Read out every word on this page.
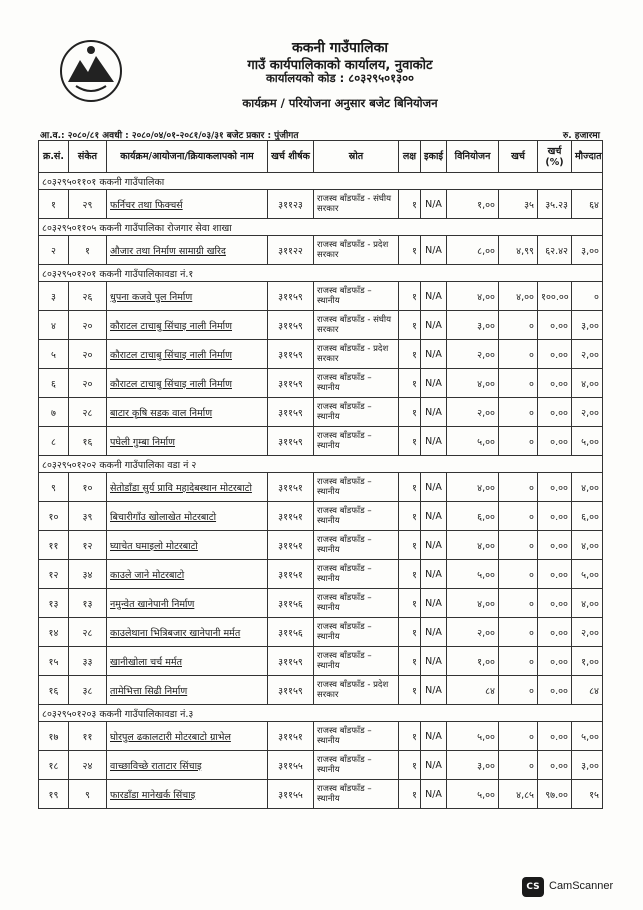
ककनी गाउँपालिका
गाउँ कार्यपालिकाको कार्यालय, नुवाकोट
कार्यालयको कोड : ८०३२९५०१३००
कार्यक्रम / परियोजना अनुसार बजेट बिनियोजन
आ.व.: २०८०/८१ अवधी : २०८०/०४/०१-२०८१/०३/३१ बजेट प्रकार : पुंजीगत	रु. हजारमा
क्र.सं.	संकेत	कार्यक्रम/आयोजना/क्रियाकलापको नाम	खर्च शीर्षक	स्रोत	लक्ष	इकाई	विनियोजन	खर्च	खर्च (%)	मौज्दात
८०३२९५०११०१ ककनी गाउँपालिका										
१	२९	फर्निचर तथा फिक्चर्स	३११२३	राजस्व बाँडफाँड - संघीय सरकार	१	N/A	१,००	३५	३५.२३	६४
८०३२९५०११०५ ककनी गाउँपालिका रोजगार सेवा शाखा										
२	१	औजार तथा निर्माण सामाग्री खरिद	३११२२	राजस्व बाँडफाँड - प्रदेश सरकार	१	N/A	८,००	४,९९	६२.४२	३,००
८०३२९५०१२०१ ककनी गाउँपालिकावडा नं.१										
३	२६	धुपना कजवे पुल निर्माण	३११५९	राजस्व बाँडफाँड – स्थानीय	१	N/A	४,००	४,००	१००.००	०
४	२०	कौराटल टाचाबु सिंचाइ नाली निर्माण	३११५९	राजस्व बाँडफाँड - संघीय सरकार	१	N/A	३,००	०	०.००	३,००
५	२०	कौराटल टाचाबु सिंचाइ नाली निर्माण	३११५९	राजस्व बाँडफाँड - प्रदेश सरकार	१	N/A	२,००	०	०.००	२,००
६	२०	कौराटल टाचाबु सिंचाइ नाली निर्माण	३११५९	राजस्व बाँडफाँड – स्थानीय	१	N/A	४,००	०	०.००	४,००
७	२८	बाटार कृषि सडक वाल निर्माण	३११५९	राजस्व बाँडफाँड – स्थानीय	१	N/A	२,००	०	०.००	२,००
८	१६	पघेली गुम्बा निर्माण	३११५९	राजस्व बाँडफाँड – स्थानीय	१	N/A	५,००	०	०.००	५,००
८०३२९५०१२०२ ककनी गाउँपालिका वडा नं २										
९	१०	सेतोडाँडा सुर्य प्रावि महादेबस्थान मोटरबाटो	३११५१	राजस्व बाँडफाँड – स्थानीय	१	N/A	४,००	०	०.००	४,००
१०	३९	बिचारीगाँउ खोलाखेत मोटरबाटो	३११५१	राजस्व बाँडफाँड – स्थानीय	१	N/A	६,००	०	०.००	६,००
११	१२	घ्याचेत घमाइलो मोटरबाटो	३११५१	राजस्व बाँडफाँड – स्थानीय	१	N/A	४,००	०	०.००	४,००
१२	३४	काउले जाने मोटरबाटो	३११५१	राजस्व बाँडफाँड – स्थानीय	१	N/A	५,००	०	०.००	५,००
१३	१३	नमुन्वेत खानेपानी निर्माण	३११५६	राजस्व बाँडफाँड – स्थानीय	१	N/A	४,००	०	०.००	४,००
१४	२८	काउलेथाना भित्रिबजार खानेपानी मर्मत	३११५६	राजस्व बाँडफाँड – स्थानीय	१	N/A	२,००	०	०.००	२,००
१५	३३	खानीखोला चर्च मर्मत	३११५९	राजस्व बाँडफाँड – स्थानीय	१	N/A	१,००	०	०.००	१,००
१६	३८	तामेभित्ता सिढी निर्माण	३११५९	राजस्व बाँडफाँड - प्रदेश सरकार	१	N/A	८४	०	०.००	८४
८०३२९५०१२०३ ककनी गाउँपालिकावडा नं.३										
१७	११	घोरपुल ढकालटारी मोटरबाटो ग्राभेल	३११५१	राजस्व बाँडफाँड – स्थानीय	१	N/A	५,००	०	०.००	५,००
१८	२४	वाच्छाविच्छे राताटार सिंचाइ	३११५५	राजस्व बाँडफाँड – स्थानीय	१	N/A	३,००	०	०.००	३,००
१९	९	फारडाँडा मानेखर्क सिंचाइ	३११५५	राजस्व बाँडफाँड – स्थानीय	१	N/A	५,००	४,८५	९७.००	१५
CS CamScanner
